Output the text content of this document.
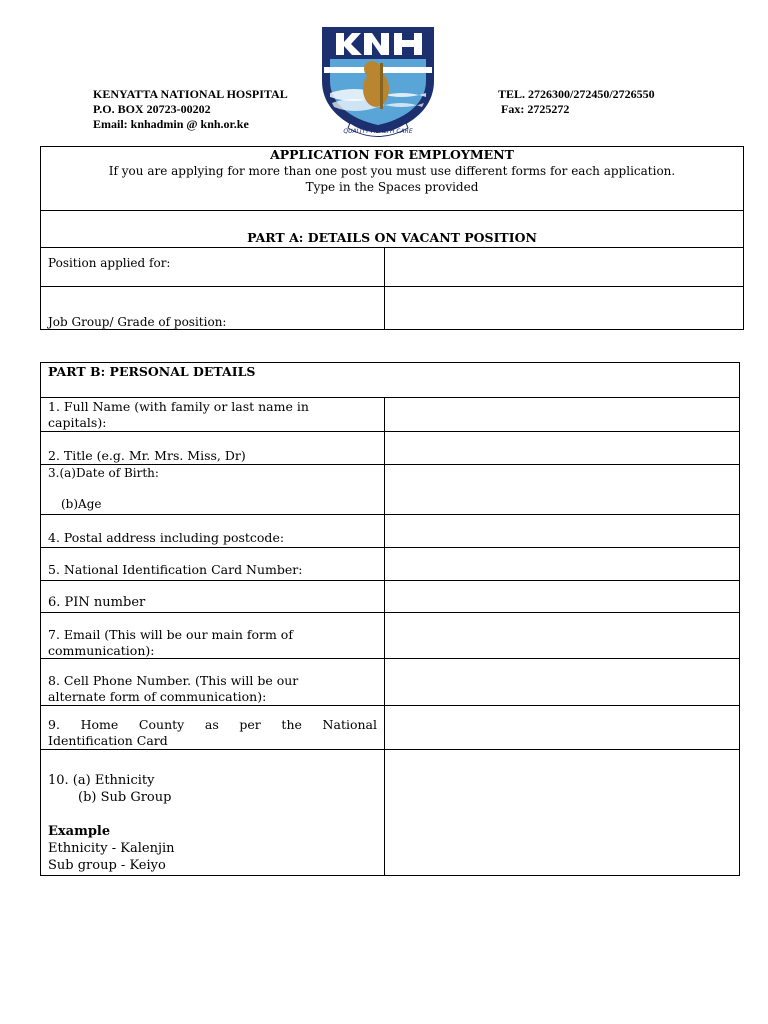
KENYATTA NATIONAL HOSPITAL
P.O. BOX 20723-00202
Email: knhadmin @ knh.or.ke
TEL. 2726300/272450/2726550
Fax: 2725272
QUALITY HEALTH CARE
APPLICATION FOR EMPLOYMENT
If you are applying for more than one post you must use different forms for each application.
Type in the Spaces provided
PART A: DETAILS ON VACANT POSITION
Position applied for:
Job Group/ Grade of position:
PART B: PERSONAL DETAILS
1. Full Name (with family or last name in
capitals):
2. Title (e.g. Mr. Mrs. Miss, Dr)
3.(a)Date of Birth:
(b)Age
4. Postal address including postcode:
5. National Identification Card Number:
6. PIN number
7. Email (This will be our main form of
communication):
8. Cell Phone Number. (This will be our
alternate form of communication):
9. Home County as per the National
Identification Card
10. (a) Ethnicity
(b) Sub Group
Example
Ethnicity - Kalenjin
Sub group - Keiyo
